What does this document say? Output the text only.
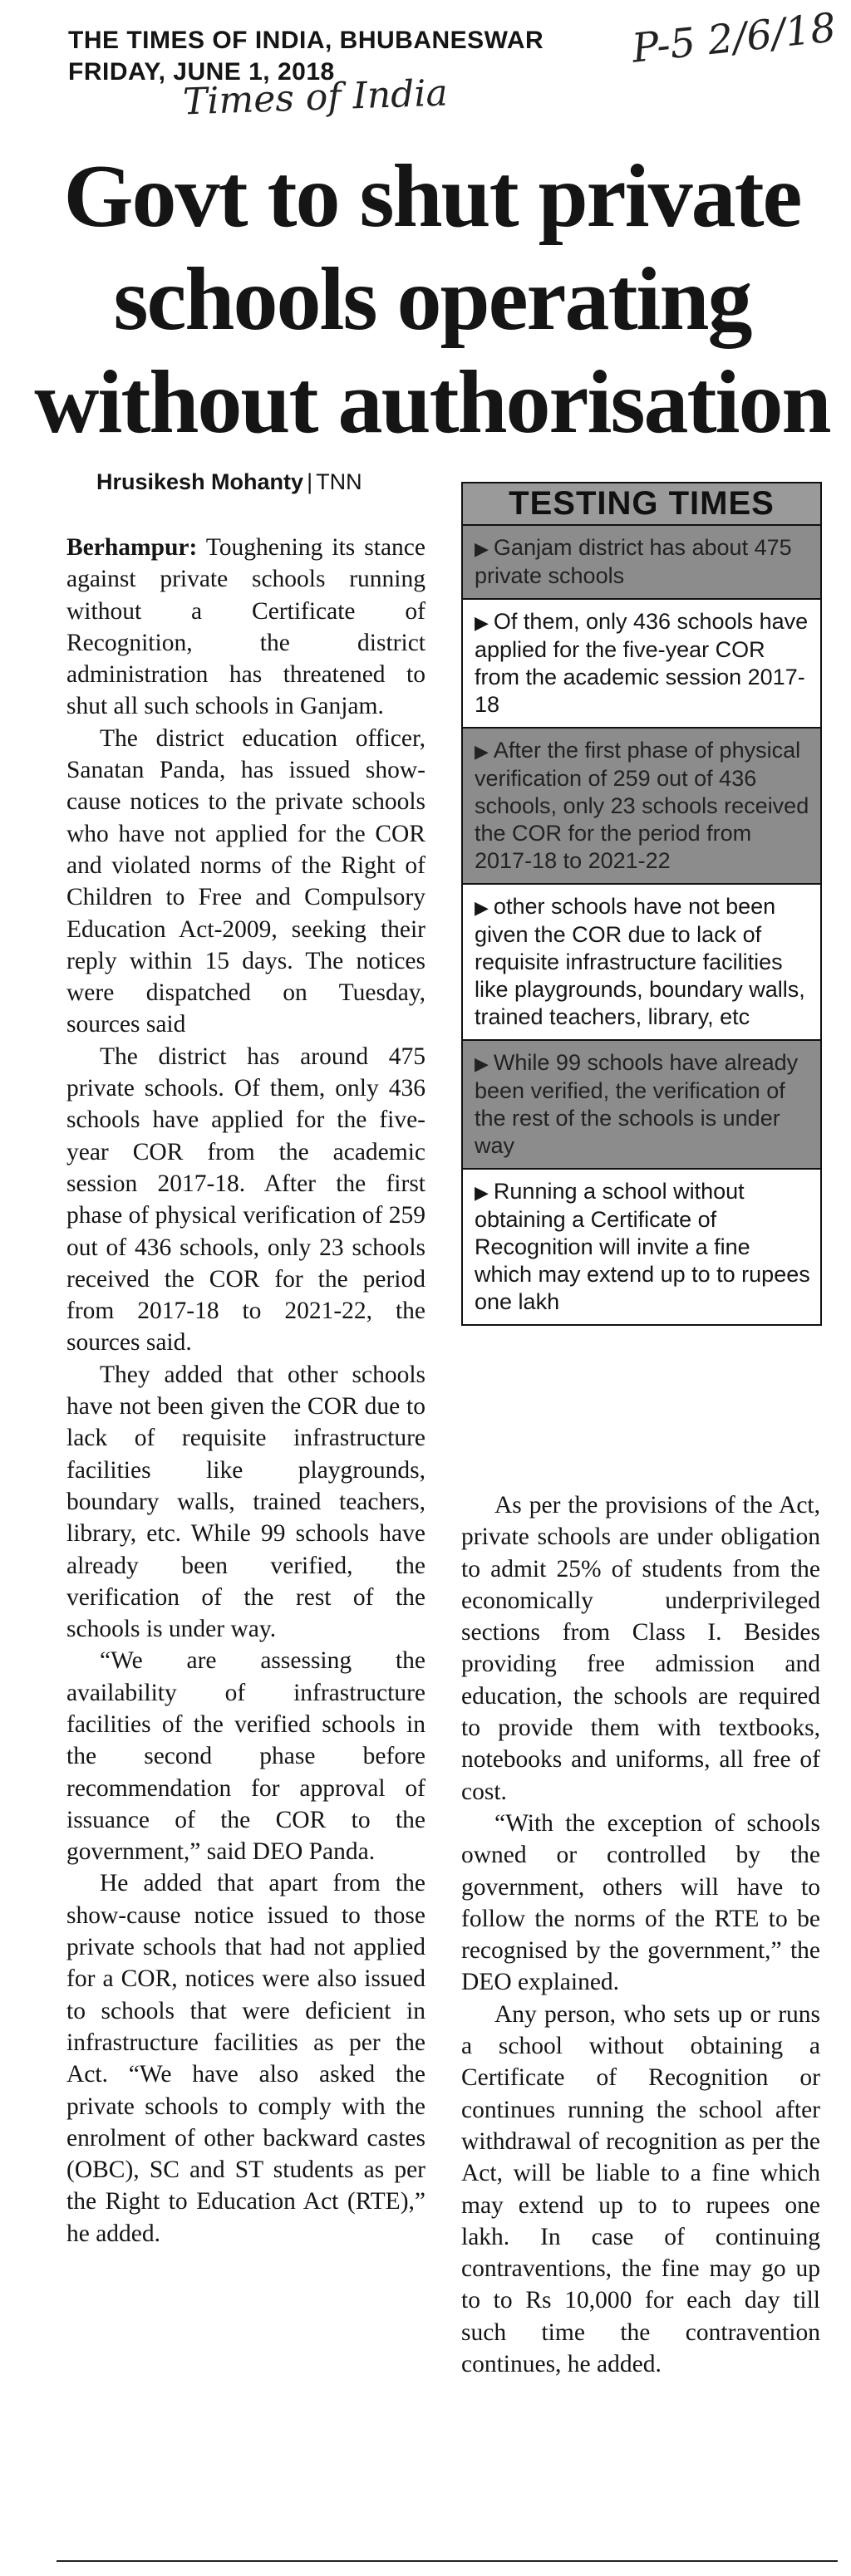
THE TIMES OF INDIA, BHUBANESWAR
FRIDAY, JUNE 1, 2018	P-5 2/6/18
Times of India
Govt to shut private
schools operating
without authorisation
Hrusikesh Mohanty | TNN

Berhampur: Toughening its stance against private schools running without a Certificate of Recognition, the district administration has threatened to shut all such schools in Ganjam.

The district education officer, Sanatan Panda, has issued show-cause notices to the private schools who have not applied for the COR and violated norms of the Right of Children to Free and Compulsory Education Act-2009, seeking their reply within 15 days. The notices were dispatched on Tuesday, sources said

The district has around 475 private schools. Of them, only 436 schools have applied for the five-year COR from the academic session 2017-18. After the first phase of physical verification of 259 out of 436 schools, only 23 schools received the COR for the period from 2017-18 to 2021-22, the sources said.

They added that other schools have not been given the COR due to lack of requisite infrastructure facilities like playgrounds, boundary walls, trained teachers, library, etc. While 99 schools have already been verified, the verification of the rest of the schools is under way.

“We are assessing the availability of infrastructure facilities of the verified schools in the second phase before recommendation for approval of issuance of the COR to the government,” said DEO Panda.

He added that apart from the show-cause notice issued to those private schools that had not applied for a COR, notices were also issued to schools that were deficient in infrastructure facilities as per the Act. “We have also asked the private schools to comply with the enrolment of other backward castes (OBC), SC and ST students as per the Right to Education Act (RTE),” he added.

TESTING TIMES
▶ Ganjam district has about 475 private schools
▶ Of them, only 436 schools have applied for the five-year COR from the academic session 2017-18
▶ After the first phase of physical verification of 259 out of 436 schools, only 23 schools received the COR for the period from 2017-18 to 2021-22
▶ other schools have not been given the COR due to lack of requisite infrastructure facilities like playgrounds, boundary walls, trained teachers, library, etc
▶ While 99 schools have already been verified, the verification of the rest of the schools is under way
▶ Running a school without obtaining a Certificate of Recognition will invite a fine which may extend up to to rupees one lakh

As per the provisions of the Act, private schools are under obligation to admit 25% of students from the economically underprivileged sections from Class I. Besides providing free admission and education, the schools are required to provide them with textbooks, notebooks and uniforms, all free of cost.

“With the exception of schools owned or controlled by the government, others will have to follow the norms of the RTE to be recognised by the government,” the DEO explained.

Any person, who sets up or runs a school without obtaining a Certificate of Recognition or continues running the school after withdrawal of recognition as per the Act, will be liable to a fine which may extend up to to rupees one lakh. In case of continuing contraventions, the fine may go up to to Rs 10,000 for each day till such time the contravention continues, he added.
